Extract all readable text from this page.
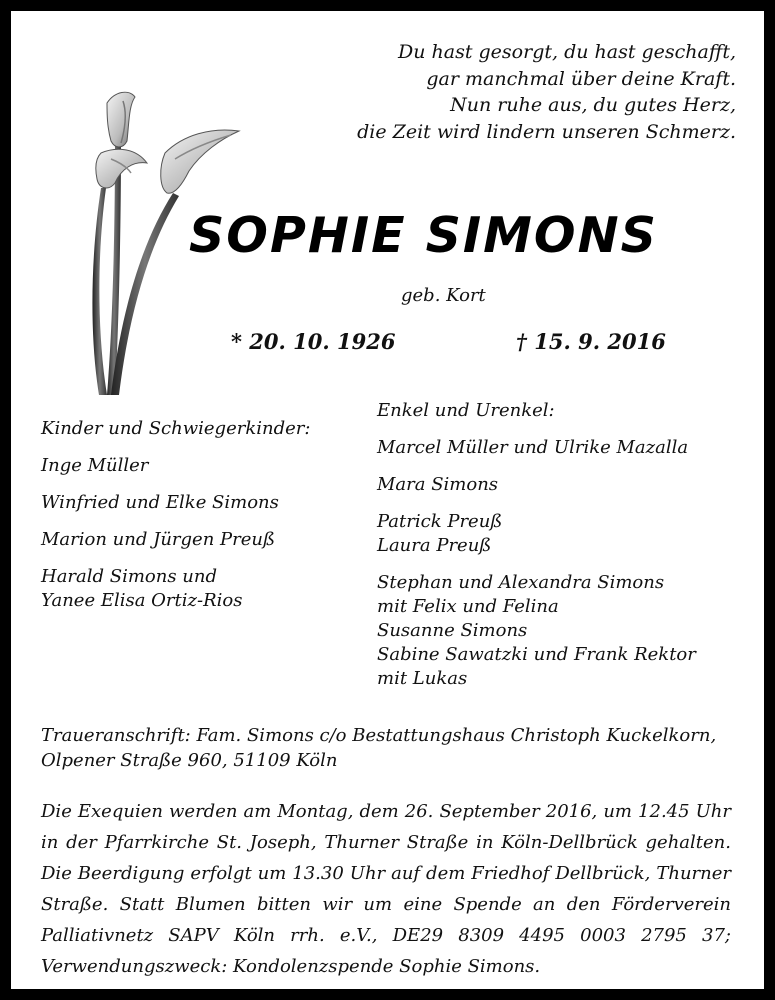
Du hast gesorgt, du hast geschafft,
gar manchmal über deine Kraft.
Nun ruhe aus, du gutes Herz,
die Zeit wird lindern unseren Schmerz.
SOPHIE SIMONS
geb. Kort
* 20. 10. 1926	† 15. 9. 2016
Kinder und Schwiegerkinder:
Inge Müller
Winfried und Elke Simons
Marion und Jürgen Preuß
Harald Simons und
Yanee Elisa Ortiz-Rios
Enkel und Urenkel:
Marcel Müller und Ulrike Mazalla
Mara Simons
Patrick Preuß
Laura Preuß
Stephan und Alexandra Simons
mit Felix und Felina
Susanne Simons
Sabine Sawatzki und Frank Rektor
mit Lukas
Traueranschrift: Fam. Simons c/o Bestattungshaus Christoph Kuckelkorn,
Olpener Straße 960, 51109 Köln
Die Exequien werden am Montag, dem 26. September 2016, um 12.45 Uhr
in der Pfarrkirche St. Joseph, Thurner Straße in Köln-Dellbrück gehalten.
Die Beerdigung erfolgt um 13.30 Uhr auf dem Friedhof Dellbrück, Thurner
Straße. Statt Blumen bitten wir um eine Spende an den Förderverein
Palliativnetz SAPV Köln rrh. e.V., DE29 8309 4495 0003 2795 37;
Verwendungszweck: Kondolenzspende Sophie Simons.
